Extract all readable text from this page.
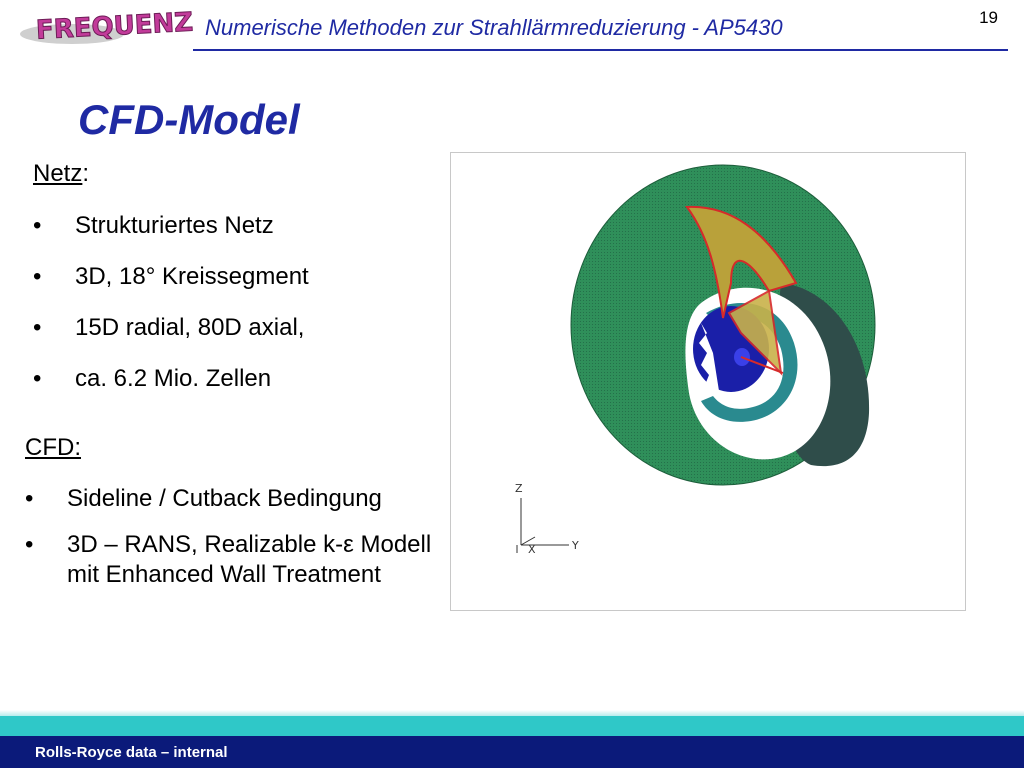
FREQUENZ Numerische Methoden zur Strahllärmreduzierung - AP5430	19
CFD-Model
Netz:
• Strukturiertes Netz
• 3D, 18° Kreissegment
• 15D radial, 80D axial,
• ca. 6.2 Mio. Zellen
CFD:
• Sideline / Cutback Bedingung
• 3D – RANS, Realizable k-ε Modell mit Enhanced Wall Treatment
Z
Y
X
Rolls-Royce data – internal
